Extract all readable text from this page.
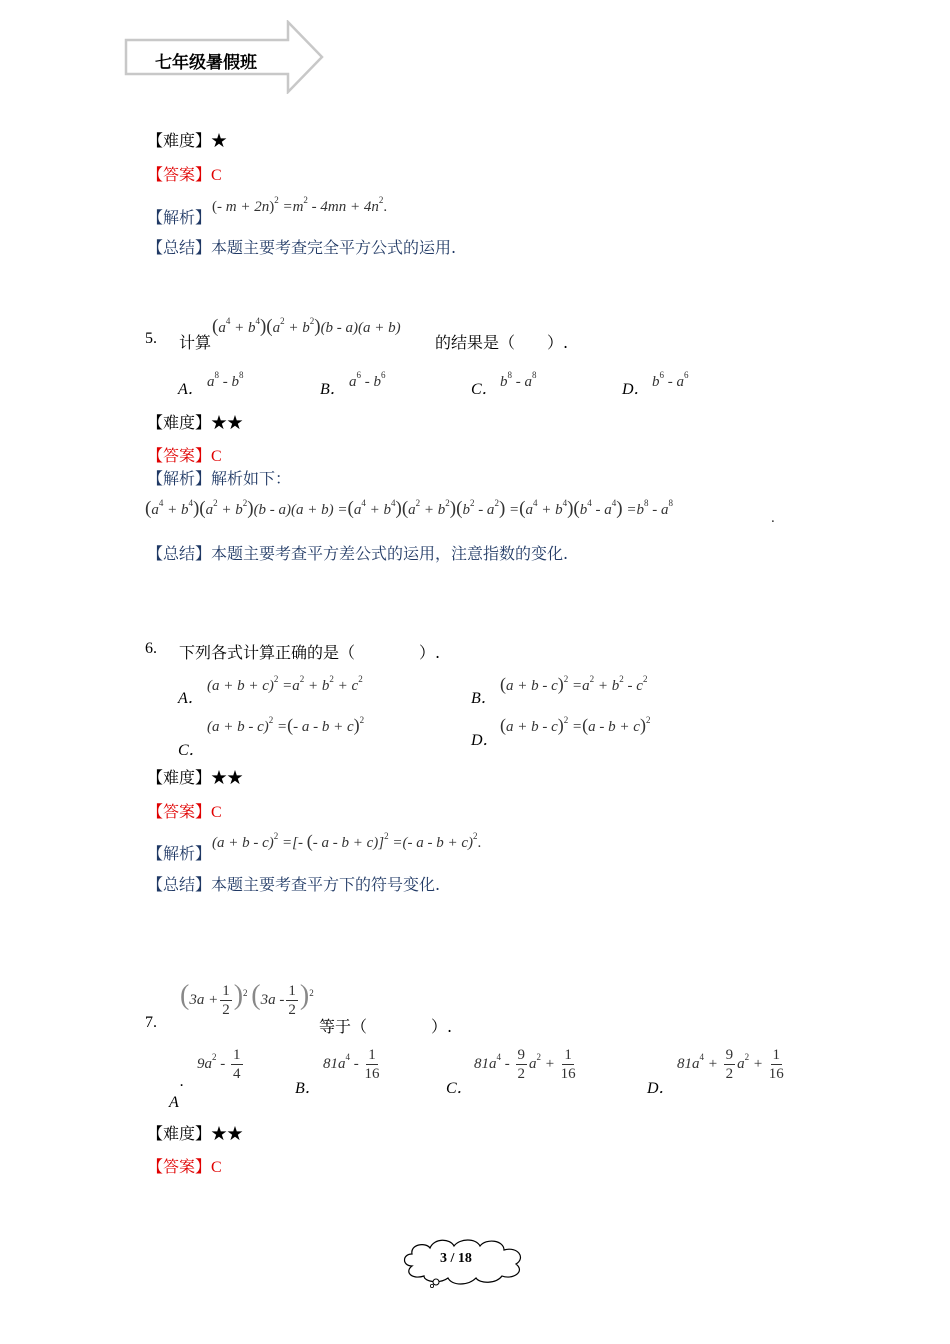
七年级暑假班
【难度】★
【答案】C
【解析】
(- $m + 2n)^2 =m^2 - 4mn + 4n^2$.
【总结】本题主要考查完全平方公式的运用.
5. 计算
$(a^4 + b^4)(a^2 + b^2)(b - a)(a + b)$
的结果是（　　）.
A． $a^8 - b^8$
B． $a^6 - b^6$
C． $b^8 - a^8$
D． $b^6 - a^6$
【难度】★★
【答案】C
【解析】解析如下：
$(a^4 + b^4)(a^2 + b^2)(b - a)(a + b) =(a^4 + b^4)(a^2 + b^2)(b^2 - a^2) =(a^4 + b^4)(b^4 - a^4) =b^8 - a^8$
.
【总结】本题主要考查平方差公式的运用，注意指数的变化.
6. 下列各式计算正确的是（　　　　）.
A．
$(a + b + c)^2 =a^2 + b^2 + c^2$
B．
$(a + b - c)^2 =a^2 + b^2 - c^2$
$(a + b - c)^2$ =(- a - b + c)$^2$
C．
D．
$(a + b - c)^2 =(a - b + c)^2$
【难度】★★
【答案】C
【解析】
$(a + b - c)^2$ =[- (- a - b + c)]$^2$ =(- a - b + c)$^2$.
【总结】本题主要考查平方下的符号变化.
7.
$(3a + \frac{1}{2} )^2$ $(3a - \frac{1}{2} )^2$
等于（　　　　）.
$9a^2 - \frac{1}{4}$
.
A
B．
$81a^4 - \frac{1}{16}$
C．
$81a^4 - \frac{9}{2} a^2 + \frac{1}{16}$
D．
$81a^4 + \frac{9}{2} a^2 + \frac{1}{16}$
【难度】★★
【答案】C
3 / 18
